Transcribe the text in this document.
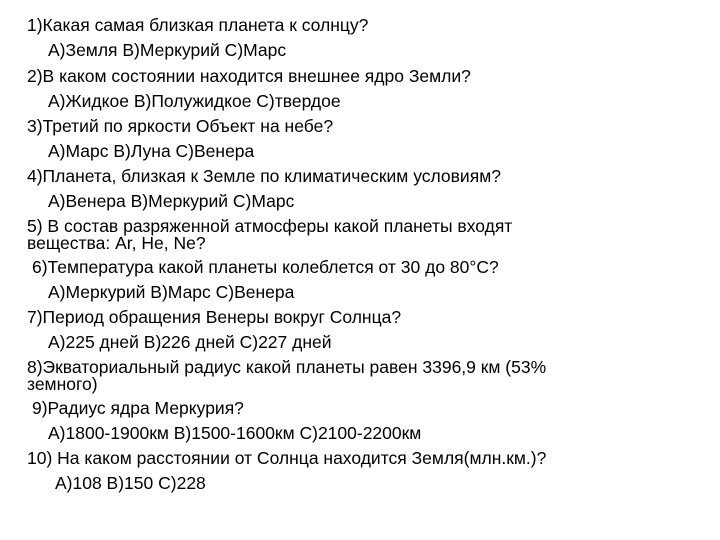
1)Какая самая близкая планета к солнцу?
А)Земля В)Меркурий С)Марс
2)В каком состоянии находится внешнее ядро Земли?
А)Жидкое В)Полужидкое С)твердое
3)Третий по яркости Объект на небе?
А)Марс В)Луна С)Венера
4)Планета, близкая к Земле по климатическим условиям?
А)Венера В)Меркурий С)Марс
5) В состав разряженной атмосферы какой планеты входят
вещества: Ar, He, Ne?
6)Температура какой планеты колеблется от 30 до 80°С?
А)Меркурий В)Марс С)Венера
7)Период обращения Венеры вокруг Солнца?
А)225 дней В)226 дней С)227 дней
8)Экваториальный радиус какой планеты равен 3396,9 км (53%
земного)
9)Радиус ядра Меркурия?
А)1800-1900км В)1500-1600км С)2100-2200км
10) На каком расстоянии от Солнца находится Земля(млн.км.)?
А)108 В)150 С)228
